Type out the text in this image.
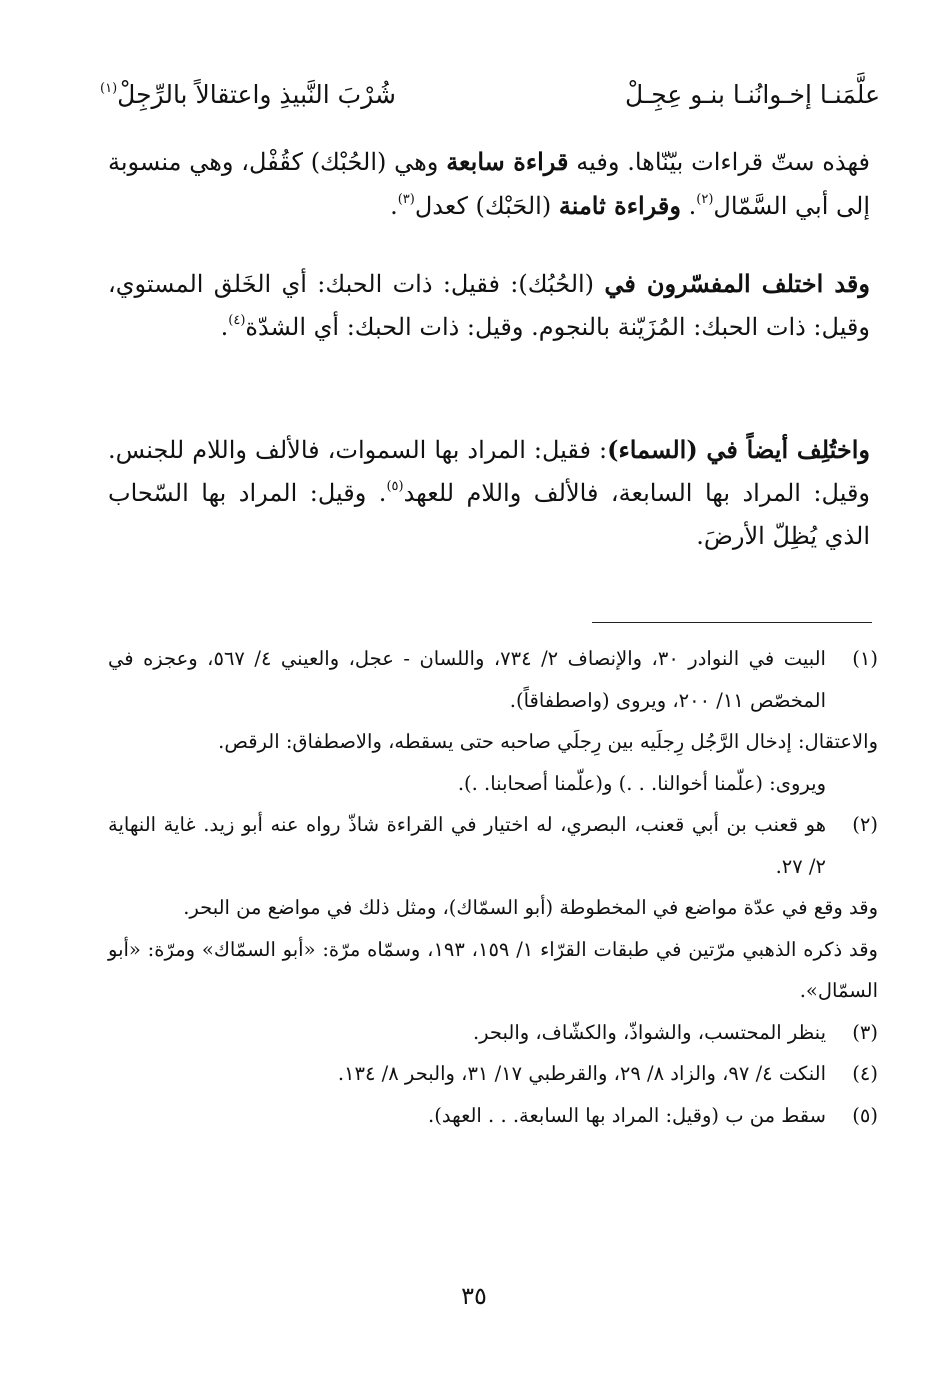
علَّمَنـا إخـوانُنـا بنـو عِجِـلْ
شُرْبَ النَّبيذِ واعتقالاً بالرِّجِلْ$^{(١)}$
فهذه ستّ قراءات بيّنّاها. وفيه قراءة سابعة وهي (الحُبْك) كقُفْل، وهي منسوبة إلى أبي السَّمّال$^{(٢)}$. وقراءة ثامنة (الحَبْك) كعدل$^{(٣)}$.
وقد اختلف المفسّرون في (الحُبُك): فقيل: ذات الحبك: أي الخَلق المستوي، وقيل: ذات الحبك: المُزَيّنة بالنجوم. وقيل: ذات الحبك: أي الشدّة$^{(٤)}$.
واختُلِف أيضاً في (السماء): فقيل: المراد بها السموات، فالألف واللام للجنس. وقيل: المراد بها السابعة، فالألف واللام للعهد$^{(٥)}$. وقيل: المراد بها السّحاب الذي يُظِلّ الأرضَ.
(١)
البيت في النوادر ٣٠، والإنصاف ٢/ ٧٣٤، واللسان - عجل، والعيني ٤/ ٥٦٧، وعجزه في المخصّص ١١/ ٢٠٠، ويروى (واصطفاقاً).
والاعتقال: إدخال الرَّجُل رِجلَيه بين رِجلَي صاحبه حتى يسقطه، والاصطفاق: الرقص.
ويروى: (علّمنا أخوالنا. . .) و(علّمنا أصحابنا. .).
(٢)
هو قعنب بن أبي قعنب، البصري، له اختيار في القراءة شاذّ رواه عنه أبو زيد. غاية النهاية ٢/ ٢٧.
وقد وقع في عدّة مواضع في المخطوطة (أبو السمّاك)، ومثل ذلك في مواضع من البحر.
وقد ذكره الذهبي مرّتين في طبقات القرّاء ١/ ١٥٩، ١٩٣، وسمّاه مرّة: «أبو السمّاك» ومرّة: «أبو السمّال».
(٣)
ينظر المحتسب، والشواذّ، والكشّاف، والبحر.
(٤)
النكت ٤/ ٩٧، والزاد ٨/ ٢٩، والقرطبي ١٧/ ٣١، والبحر ٨/ ١٣٤.
(٥)
سقط من ب (وقيل: المراد بها السابعة. . . العهد).
٣٥
